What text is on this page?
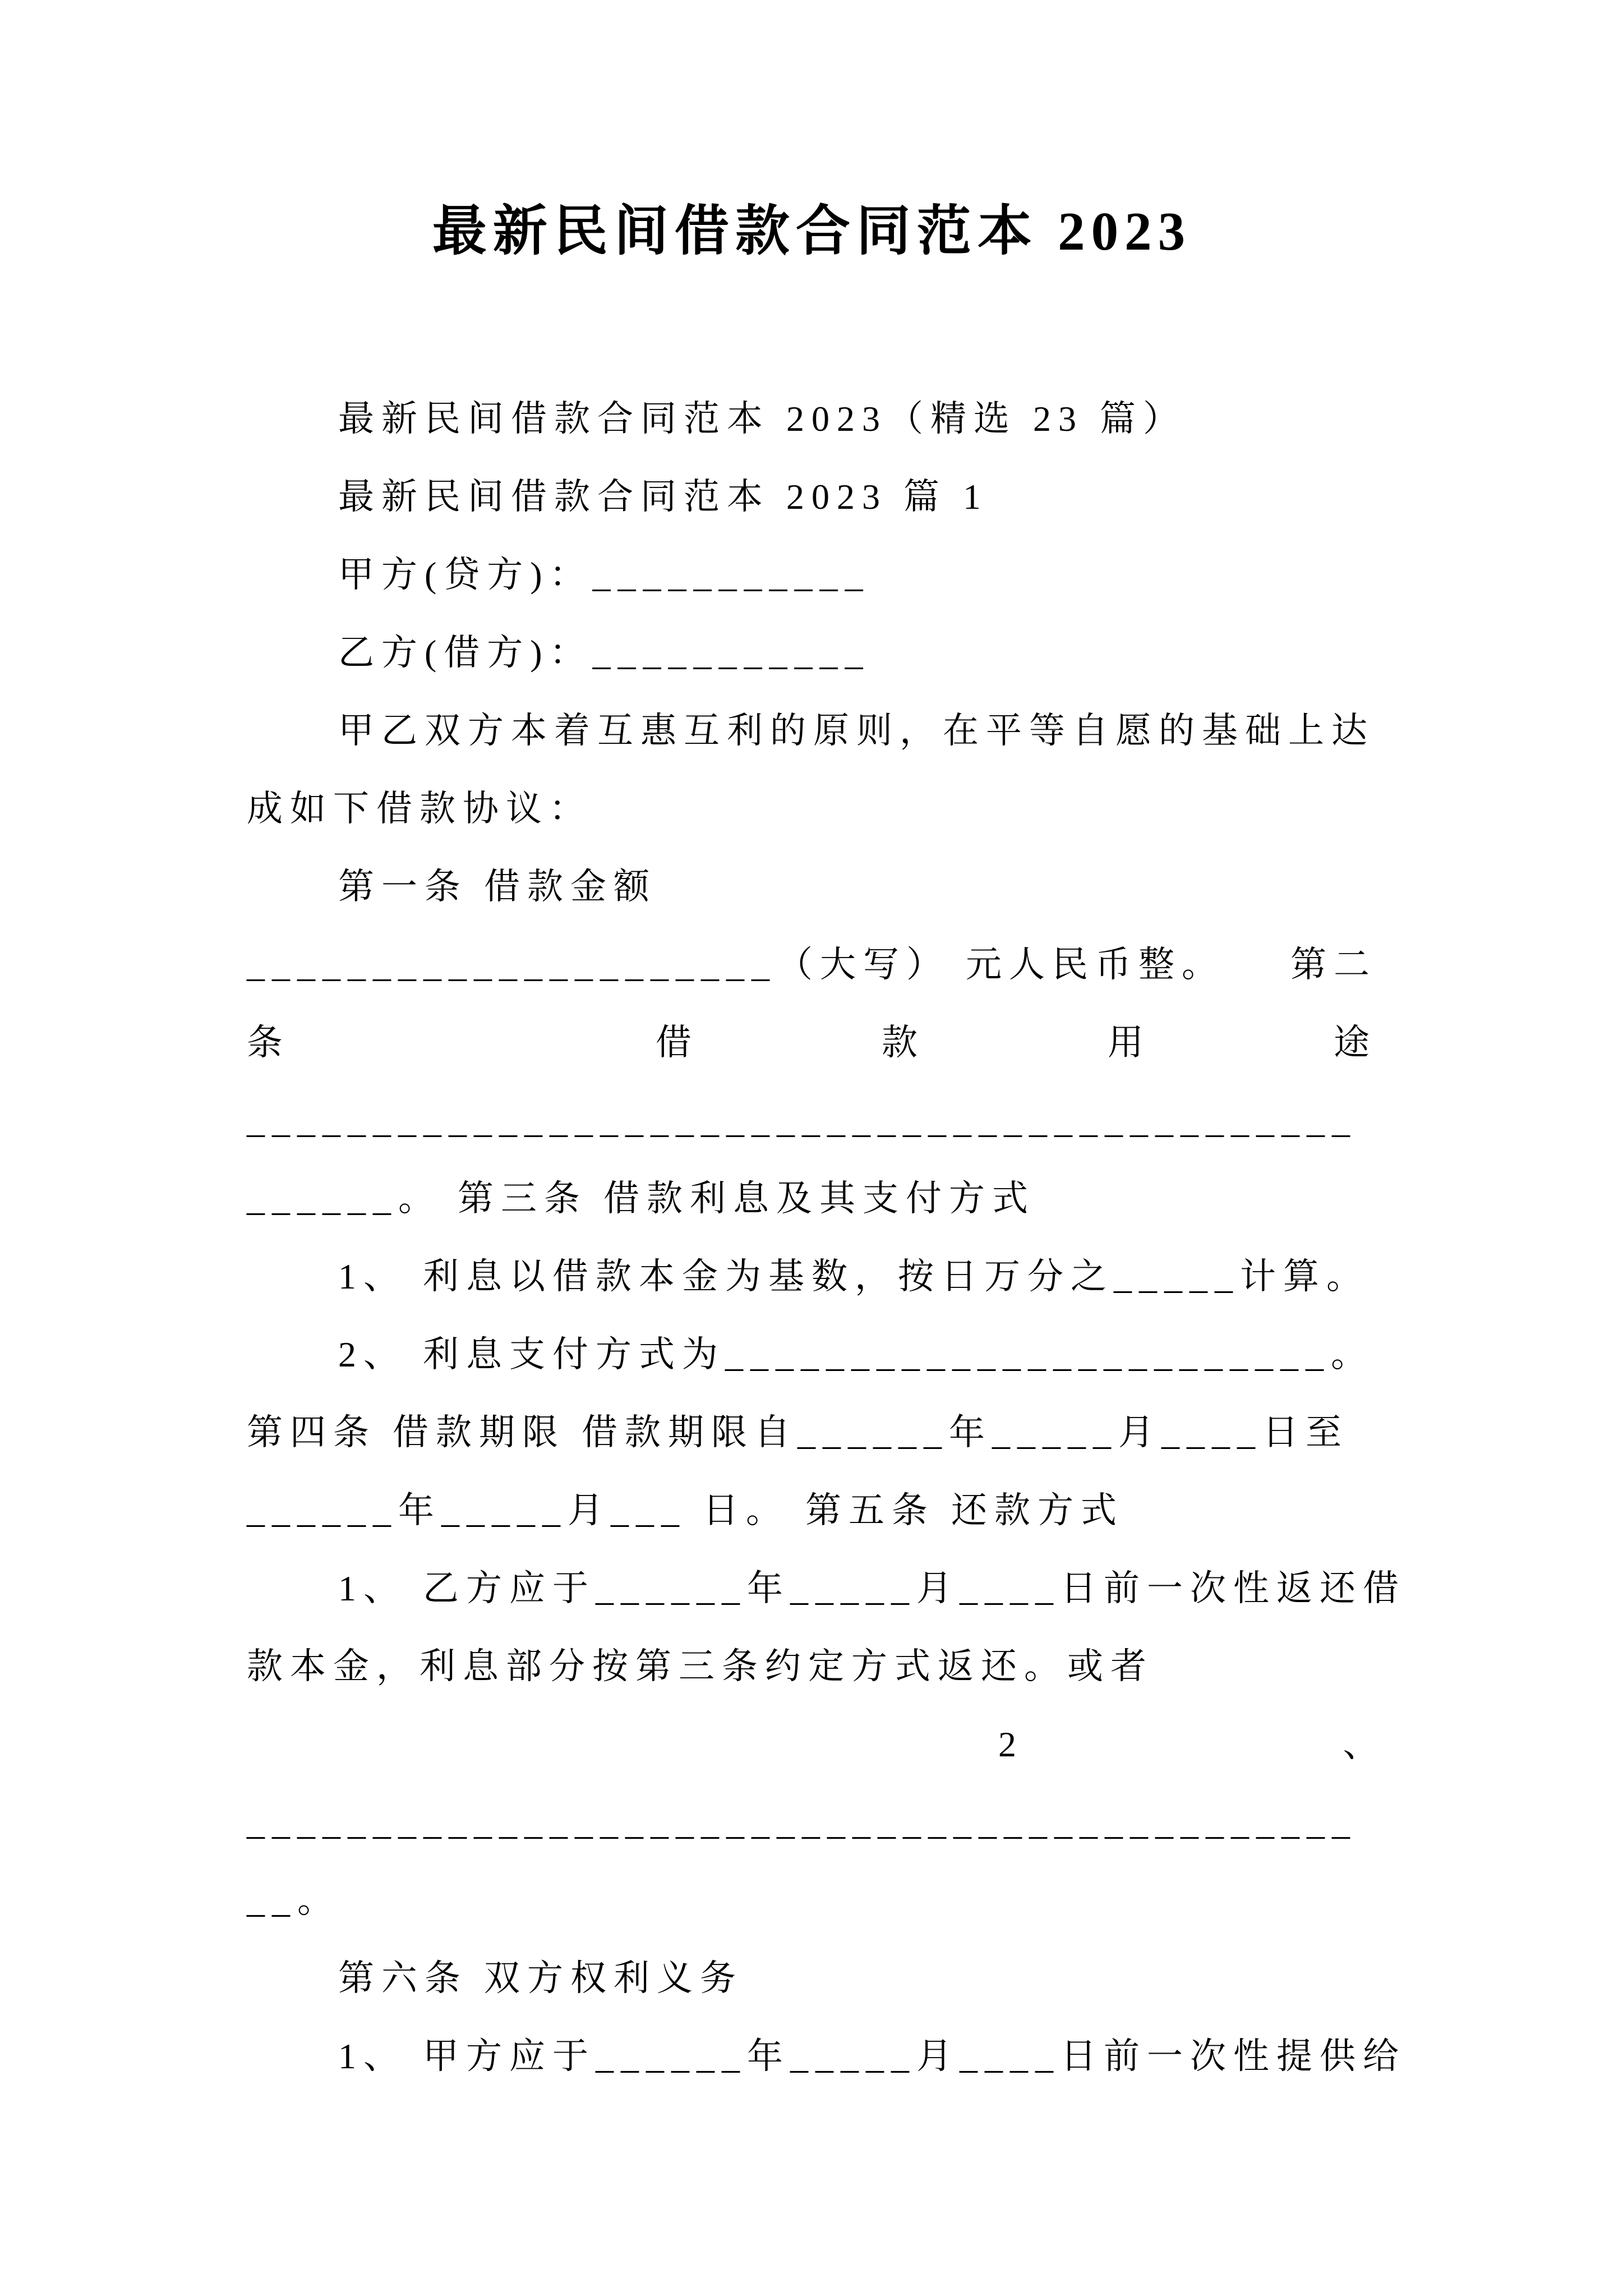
最新民间借款合同范本 2023
最新民间借款合同范本 2023（精选 23 篇）
最新民间借款合同范本 2023 篇 1
甲方(贷方)：___________
乙方(借方)：___________
甲乙双方本着互惠互利的原则，在平等自愿的基础上达
成如下借款协议：
第一条 借款金额
_____________________（大写） 元人民币整。 第二
条	借	款	用	途
____________________________________________
______。 第三条 借款利息及其支付方式
1、 利息以借款本金为基数，按日万分之_____计算。
2、 利息支付方式为________________________。
第四条 借款期限 借款期限自______年_____月____日至
______年_____月___ 日。 第五条 还款方式
1、 乙方应于______年_____月____日前一次性返还借
款本金，利息部分按第三条约定方式返还。或者
2	、
____________________________________________
__。
第六条 双方权利义务
1、 甲方应于______年_____月____日前一次性提供给
